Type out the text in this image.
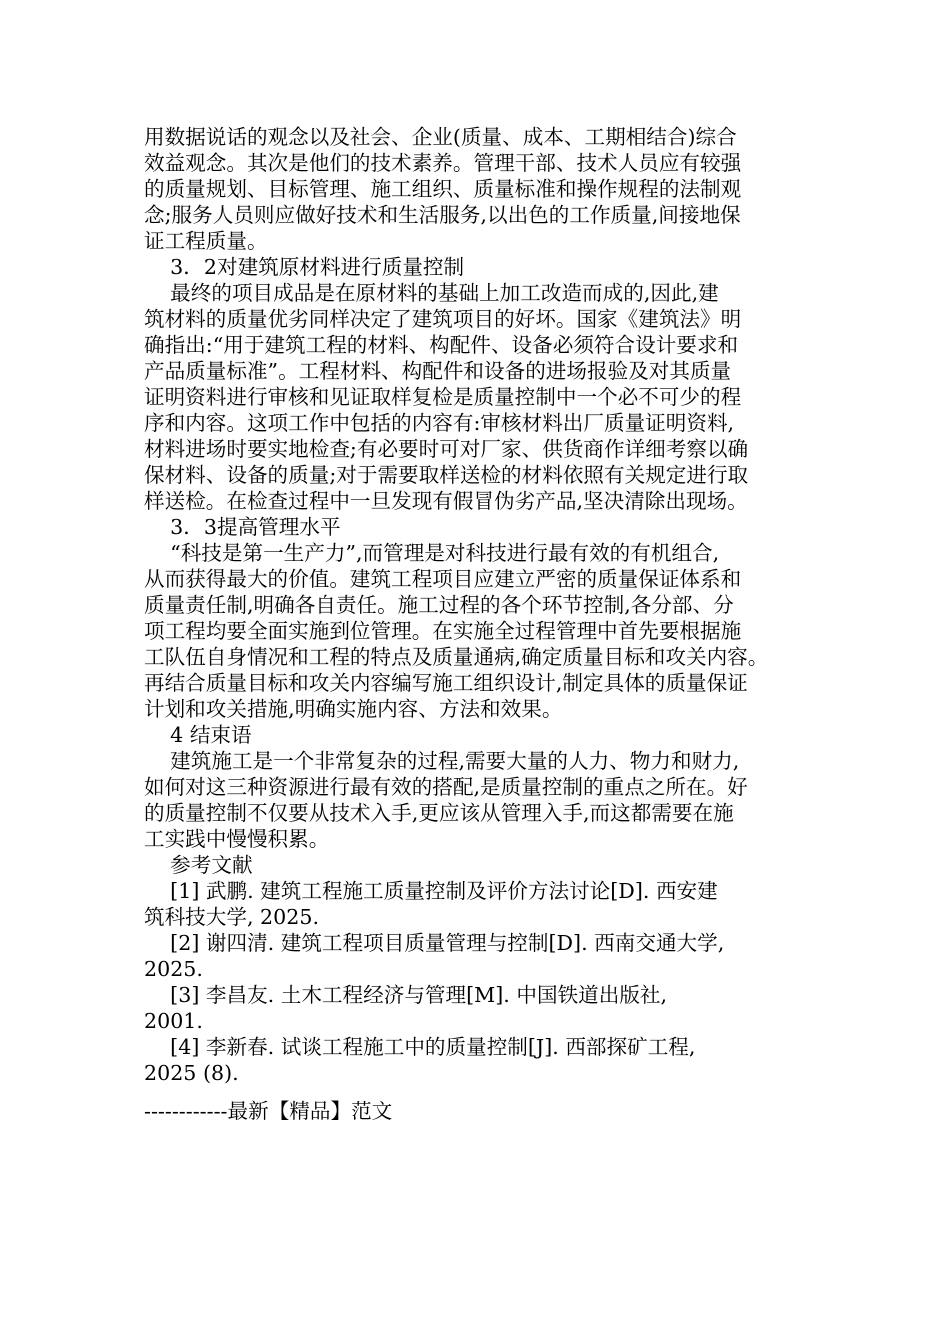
用数据说话的观念以及社会、企业(质量、成本、工期相结合)综合
效益观念。其次是他们的技术素养。管理干部、技术人员应有较强
的质量规划、目标管理、施工组织、质量标准和操作规程的法制观
念;服务人员则应做好技术和生活服务,以出色的工作质量,间接地保
证工程质量。
3．2对建筑原材料进行质量控制
最终的项目成品是在原材料的基础上加工改造而成的,因此,建
筑材料的质量优劣同样决定了建筑项目的好坏。国家《建筑法》明
确指出:“用于建筑工程的材料、构配件、设备必须符合设计要求和
产品质量标准”。工程材料、构配件和设备的进场报验及对其质量
证明资料进行审核和见证取样复检是质量控制中一个必不可少的程
序和内容。这项工作中包括的内容有:审核材料出厂质量证明资料,
材料进场时要实地检查;有必要时可对厂家、供货商作详细考察以确
保材料、设备的质量;对于需要取样送检的材料依照有关规定进行取
样送检。在检查过程中一旦发现有假冒伪劣产品,坚决清除出现场。
3．3提高管理水平
“科技是第一生产力”,而管理是对科技进行最有效的有机组合,
从而获得最大的价值。建筑工程项目应建立严密的质量保证体系和
质量责任制,明确各自责任。施工过程的各个环节控制,各分部、分
项工程均要全面实施到位管理。在实施全过程管理中首先要根据施
工队伍自身情况和工程的特点及质量通病,确定质量目标和攻关内容。
再结合质量目标和攻关内容编写施工组织设计,制定具体的质量保证
计划和攻关措施,明确实施内容、方法和效果。
4 结束语
建筑施工是一个非常复杂的过程,需要大量的人力、物力和财力,
如何对这三种资源进行最有效的搭配,是质量控制的重点之所在。好
的质量控制不仅要从技术入手,更应该从管理入手,而这都需要在施
工实践中慢慢积累。
参考文献
[1] 武鹏. 建筑工程施工质量控制及评价方法讨论[D]. 西安建
筑科技大学, 2025.
[2] 谢四清. 建筑工程项目质量管理与控制[D]. 西南交通大学,
2025.
[3] 李昌友. 土木工程经济与管理[M]. 中国铁道出版社,
2001.
[4] 李新春. 试谈工程施工中的质量控制[J]. 西部探矿工程,
2025 (8).
------------最新【精品】范文
